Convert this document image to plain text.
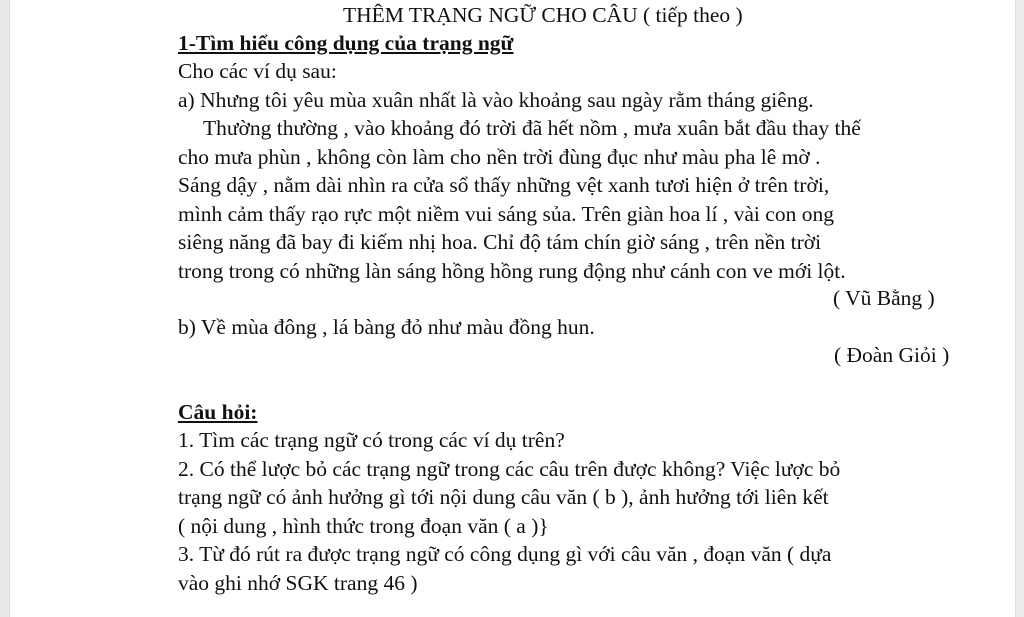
THÊM TRẠNG NGỮ CHO CÂU ( tiếp theo )
1-Tìm hiểu công dụng của trạng ngữ
Cho các ví dụ sau:
a) Nhưng tôi yêu mùa xuân nhất là vào khoảng sau ngày rằm tháng giêng.
Thường thường , vào khoảng đó trời đã hết nồm , mưa xuân bắt đầu thay thế
cho mưa phùn , không còn làm cho nền trời đùng đục như màu pha lê mờ .
Sáng dậy , nằm dài nhìn ra cửa sổ thấy những vệt xanh tươi hiện ở trên trời,
mình cảm thấy rạo rực một niềm vui sáng sủa. Trên giàn hoa lí , vài con ong
siêng năng đã bay đi kiếm nhị hoa. Chỉ độ tám chín giờ sáng , trên nền trời
trong trong có những làn sáng hồng hồng rung động như cánh con ve mới lột.
( Vũ Bằng )
b) Về mùa đông , lá bàng đỏ như màu đồng hun.
( Đoàn Giỏi )
Câu hỏi:
1. Tìm các trạng ngữ có trong các ví dụ trên?
2. Có thể lược bỏ các trạng ngữ trong các câu trên được không? Việc lược bỏ
trạng ngữ có ảnh hưởng gì tới nội dung câu văn ( b ), ảnh hưởng tới liên kết
( nội dung , hình thức trong đoạn văn ( a )}
3. Từ đó rút ra được trạng ngữ có công dụng gì với câu văn , đoạn văn ( dựa
vào ghi nhớ SGK trang 46 )
